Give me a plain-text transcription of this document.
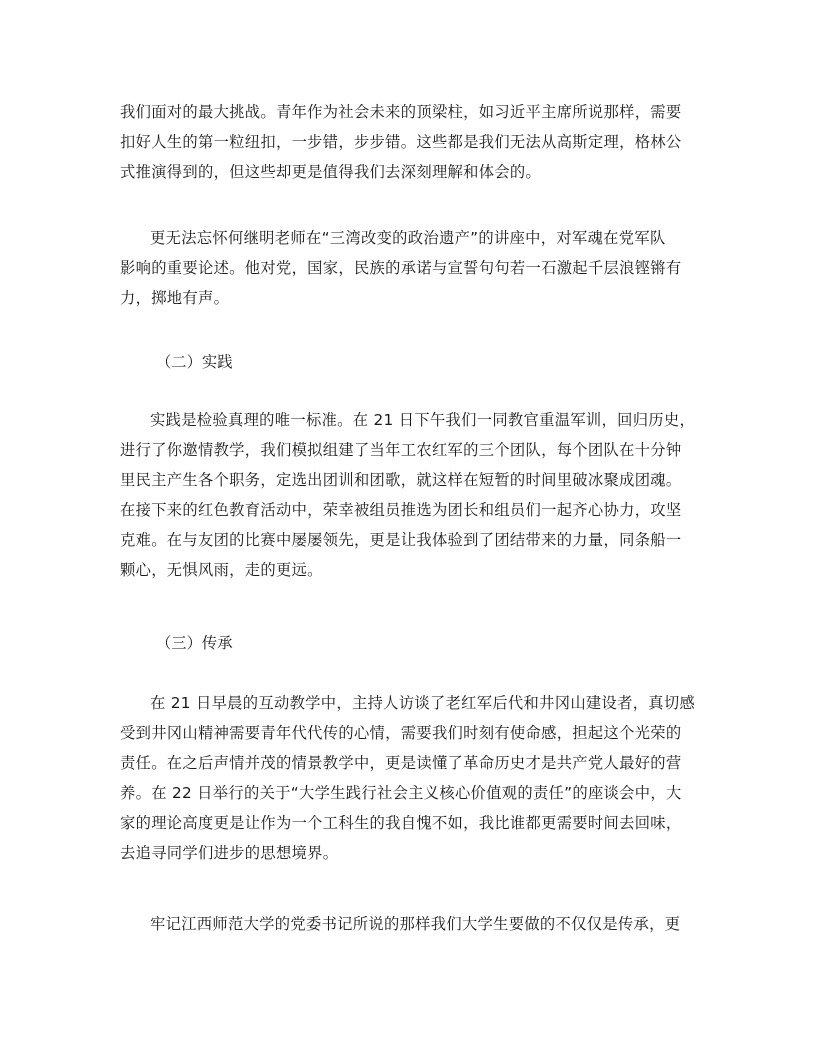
我们面对的最大挑战。青年作为社会未来的顶梁柱，如习近平主席所说那样，需要
扣好人生的第一粒纽扣，一步错，步步错。这些都是我们无法从高斯定理，格林公
式推演得到的，但这些却更是值得我们去深刻理解和体会的。

更无法忘怀何继明老师在“三湾改变的政治遗产”的讲座中，对军魂在党军队
影响的重要论述。他对党，国家，民族的承诺与宣誓句句若一石激起千层浪铿锵有
力，掷地有声。

（二）实践

实践是检验真理的唯一标准。在 21 日下午我们一同教官重温军训，回归历史，
进行了你邀情教学，我们模拟组建了当年工农红军的三个团队，每个团队在十分钟
里民主产生各个职务，定选出团训和团歌，就这样在短暂的时间里破冰聚成团魂。
在接下来的红色教育活动中，荣幸被组员推选为团长和组员们一起齐心协力，攻坚
克难。在与友团的比赛中屡屡领先，更是让我体验到了团结带来的力量，同条船一
颗心，无惧风雨，走的更远。

（三）传承

在 21 日早晨的互动教学中，主持人访谈了老红军后代和井冈山建设者，真切感
受到井冈山精神需要青年代代传的心情，需要我们时刻有使命感，担起这个光荣的
责任。在之后声情并茂的情景教学中，更是读懂了革命历史才是共产党人最好的营
养。在 22 日举行的关于“大学生践行社会主义核心价值观的责任”的座谈会中，大
家的理论高度更是让作为一个工科生的我自愧不如，我比谁都更需要时间去回味，
去追寻同学们进步的思想境界。

牢记江西师范大学的党委书记所说的那样我们大学生要做的不仅仅是传承，更
